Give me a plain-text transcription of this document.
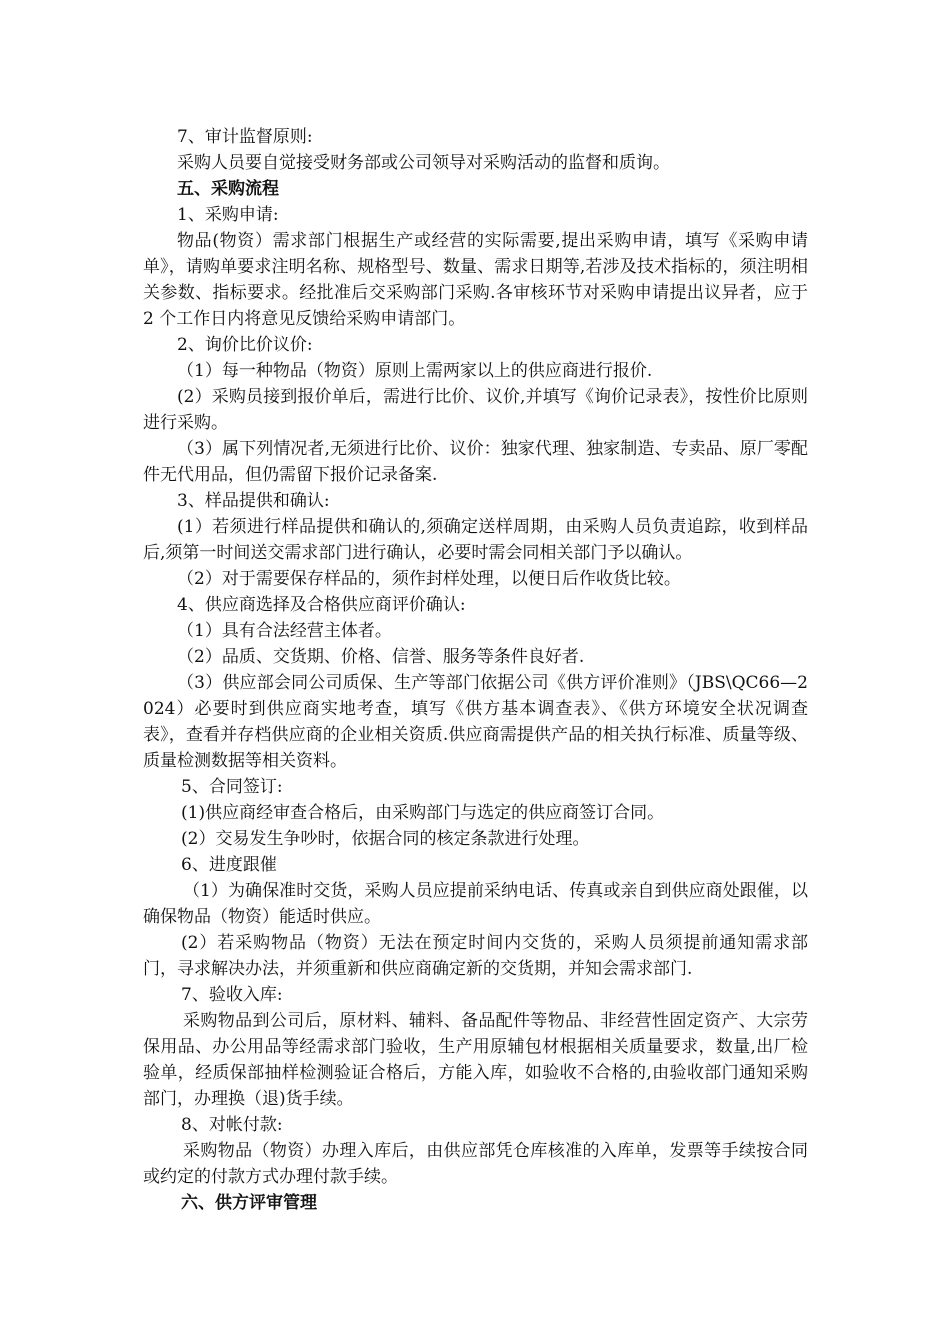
7、审计监督原则:

采购人员要自觉接受财务部或公司领导对采购活动的监督和质询。

五、采购流程

1、采购申请:

物品(物资）需求部门根据生产或经营的实际需要,提出采购申请，填写《采购申请单》，请购单要求注明名称、规格型号、数量、需求日期等,若涉及技术指标的，须注明相关参数、指标要求。经批准后交采购部门采购.各审核环节对采购申请提出议异者，应于 2 个工作日内将意见反馈给采购申请部门。

2、询价比价议价:

（1）每一种物品（物资）原则上需两家以上的供应商进行报价.

(2）采购员接到报价单后，需进行比价、议价,并填写《询价记录表》，按性价比原则进行采购。

（3）属下列情况者,无须进行比价、议价：独家代理、独家制造、专卖品、原厂零配件无代用品，但仍需留下报价记录备案.

3、样品提供和确认:

(1）若须进行样品提供和确认的,须确定送样周期，由采购人员负责追踪，收到样品后,须第一时间送交需求部门进行确认，必要时需会同相关部门予以确认。

（2）对于需要保存样品的，须作封样处理，以便日后作收货比较。

4、供应商选择及合格供应商评价确认:

（1）具有合法经营主体者。

（2）品质、交货期、价格、信誉、服务等条件良好者.

（3）供应部会同公司质保、生产等部门依据公司《供方评价准则》（JBS\QC66—2024）必要时到供应商实地考查，填写《供方基本调查表》、《供方环境安全状况调查表》，查看并存档供应商的企业相关资质.供应商需提供产品的相关执行标准、质量等级、质量检测数据等相关资料。

5、合同签订:

(1)供应商经审查合格后，由采购部门与选定的供应商签订合同。

(2）交易发生争吵时，依据合同的核定条款进行处理。

6、进度跟催

（1）为确保准时交货，采购人员应提前采纳电话、传真或亲自到供应商处跟催，以确保物品（物资）能适时供应。

(2）若采购物品（物资）无法在预定时间内交货的，采购人员须提前通知需求部门，寻求解决办法，并须重新和供应商确定新的交货期，并知会需求部门.

7、验收入库:

采购物品到公司后，原材料、辅料、备品配件等物品、非经营性固定资产、大宗劳保用品、办公用品等经需求部门验收，生产用原辅包材根据相关质量要求，数量,出厂检验单，经质保部抽样检测验证合格后，方能入库，如验收不合格的,由验收部门通知采购部门，办理换（退)货手续。

8、对帐付款:

采购物品（物资）办理入库后，由供应部凭仓库核准的入库单，发票等手续按合同或约定的付款方式办理付款手续。

六、供方评审管理
